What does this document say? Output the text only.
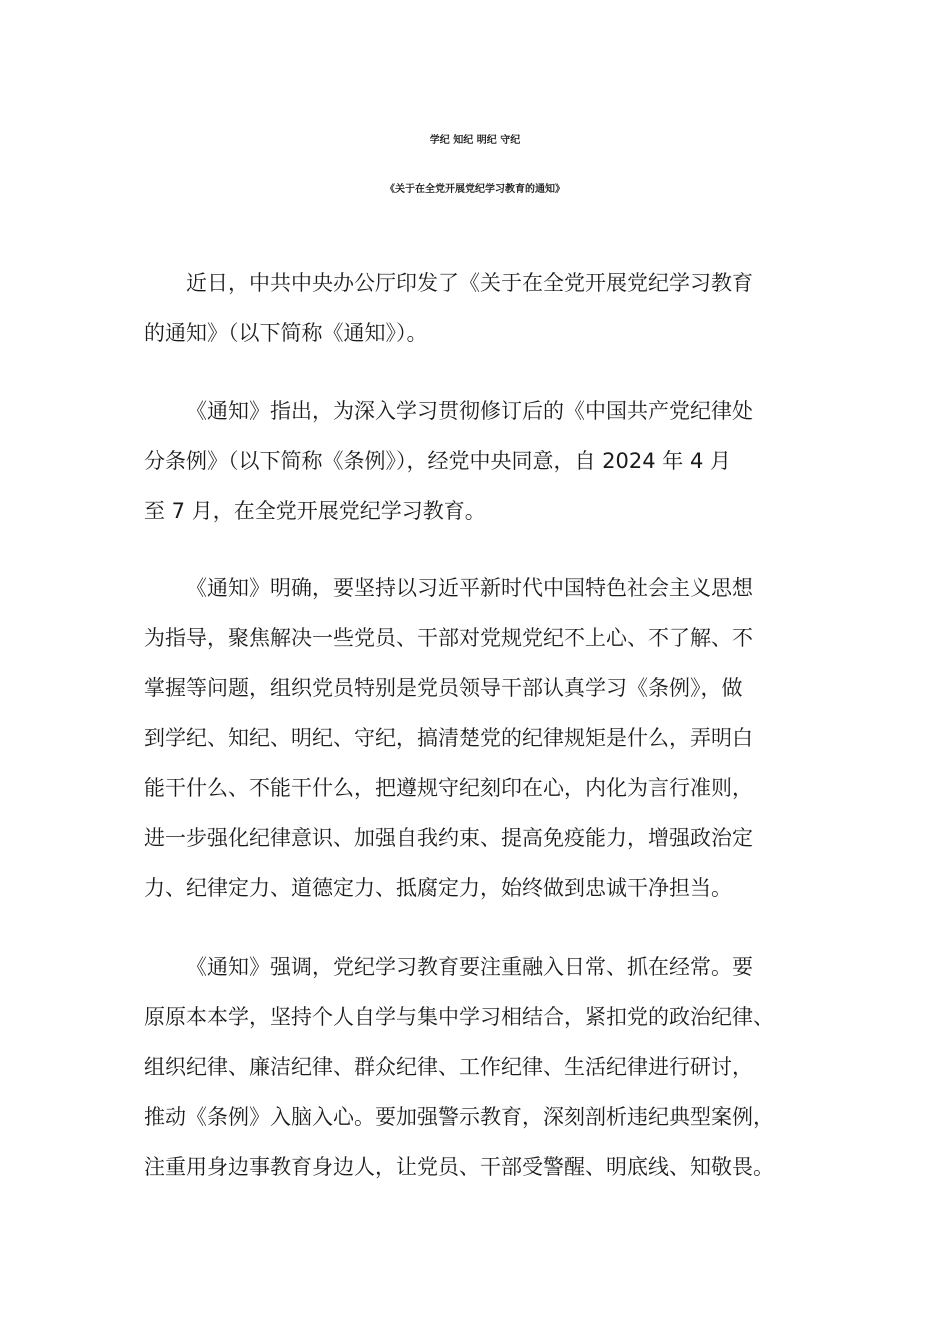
学纪 知纪 明纪 守纪
《关于在全党开展党纪学习教育的通知》
近日，中共中央办公厅印发了《关于在全党开展党纪学习教育
的通知》（以下简称《通知》）。
《通知》指出，为深入学习贯彻修订后的《中国共产党纪律处
分条例》（以下简称《条例》），经党中央同意，自 2024 年 4 月
至 7 月，在全党开展党纪学习教育。
《通知》明确，要坚持以习近平新时代中国特色社会主义思想
为指导，聚焦解决一些党员、干部对党规党纪不上心、不了解、不
掌握等问题，组织党员特别是党员领导干部认真学习《条例》，做
到学纪、知纪、明纪、守纪，搞清楚党的纪律规矩是什么，弄明白
能干什么、不能干什么，把遵规守纪刻印在心，内化为言行准则，
进一步强化纪律意识、加强自我约束、提高免疫能力，增强政治定
力、纪律定力、道德定力、抵腐定力，始终做到忠诚干净担当。
《通知》强调，党纪学习教育要注重融入日常、抓在经常。要
原原本本学，坚持个人自学与集中学习相结合，紧扣党的政治纪律、
组织纪律、廉洁纪律、群众纪律、工作纪律、生活纪律进行研讨，
推动《条例》入脑入心。要加强警示教育，深刻剖析违纪典型案例，
注重用身边事教育身边人，让党员、干部受警醒、明底线、知敬畏。
